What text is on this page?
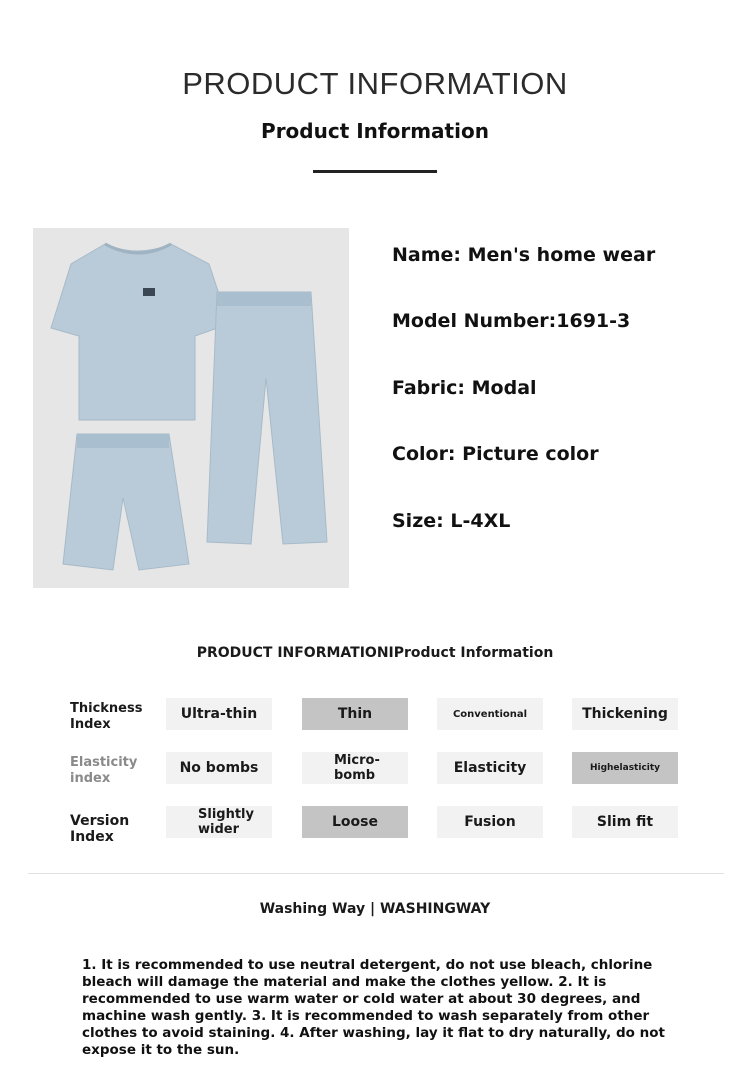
PRODUCT INFORMATION
Product Information
Name: Men's home wear
Model Number:1691-3
Fabric: Modal
Color: Picture color
Size: L-4XL
PRODUCT INFORMATIONIProduct Information
Thickness Index
Ultra-thin	Thin	Conventional	Thickening
Elasticity index
No bombs	Micro-bomb	Elasticity	Highelasticity
Version Index
Slightly wider	Loose	Fusion	Slim fit
Washing Way | WASHINGWAY
1. It is recommended to use neutral detergent, do not use bleach, chlorine bleach will damage the material and make the clothes yellow. 2. It is recommended to use warm water or cold water at about 30 degrees, and machine wash gently. 3. It is recommended to wash separately from other clothes to avoid staining. 4. After washing, lay it flat to dry naturally, do not expose it to the sun.
